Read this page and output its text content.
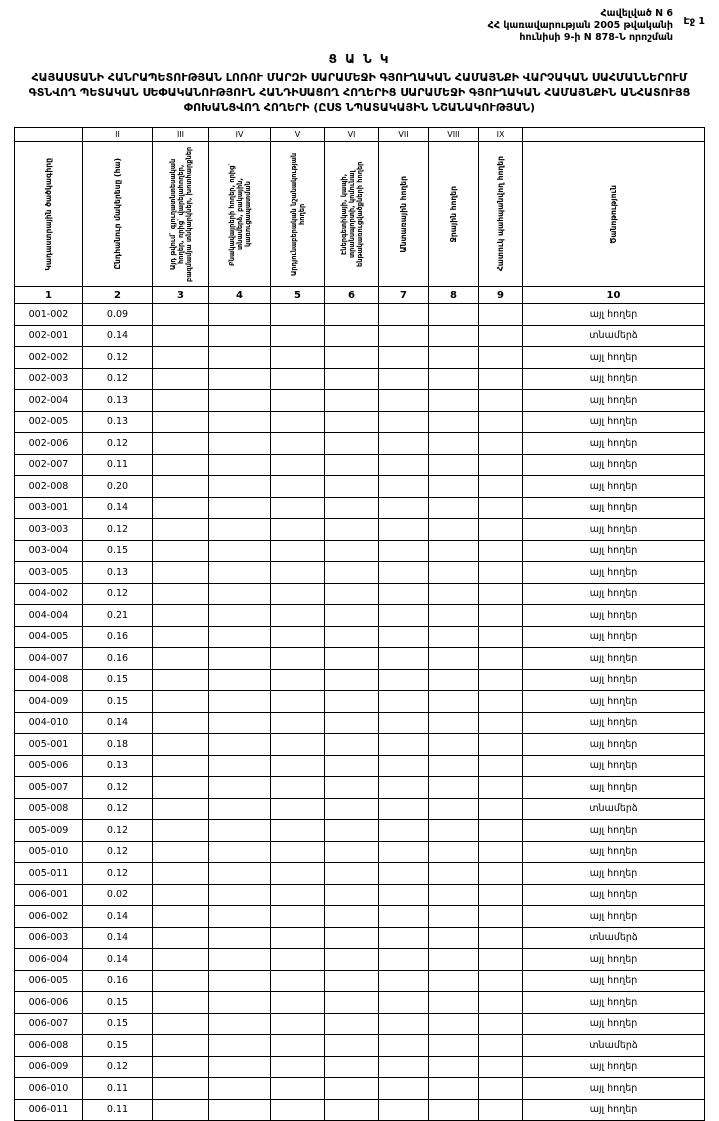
Էջ 1
Հավելված N 6
ՀՀ կառավարության 2005 թվականի
հունիսի 9-ի N 878-Ն որոշման
Ց Ա Ն Կ
ՀԱՅԱՍՏԱՆԻ ՀԱՆՐԱՊԵՏՈՒԹՅԱՆ ԼՈՌՈՒ ՄԱՐԶԻ ՍԱՐԱՄԵՋԻ ԳՅՈՒՂԱԿԱՆ ՀԱՄԱՅՆՔԻ ՎԱՐՉԱԿԱՆ ՍԱՀՄԱՆՆԵՐՈՒՄ ԳՏՆՎՈՂ ՊԵՏԱԿԱՆ ՍԵՓԱԿԱՆՈՒԹՅՈՒՆ ՀԱՆԴԻՍԱՑՈՂ ՀՈՂԵՐԻՑ ՍԱՐԱՄԵՋԻ ԳՅՈՒՂԱԿԱՆ ՀԱՄԱՅՆՔԻՆ ԱՆՀԱՏՈՒՅՑ ՓՈԽԱՆՑՎՈՂ ՀՈՂԵՐԻ (ԸՍՏ ՆՊԱՏԱԿԱՅԻՆ ՆՇԱՆԱԿՈՒԹՅԱՆ)
	II	III	IV	V	VI	VII	VIII	IX	

Կադաստրային ծածկագիրը	Ընդհանուր մակերեսը (հա)	Այդ թվում` գյուղատնտեսական հողեր, որից` վարելահողեր, բազմամյա տնկարկներ, խոտհարքներ	Բնակավայրերի հողեր, որից` տնամերձ, բակային, կառուցապատման	Արդյունաբերական նշանակության հողեր	Էներգետիկայի, կապի, տրանսպորտի, կոմունալ ենթակառուցվածքների հողեր	Անտառային հողեր	Ջրային հողեր	Հատուկ պահպանվող հողեր	Ծանոթություն

1	2	3	4	5	6	7	8	9	10
001-002	0.09								այլ հողեր
002-001	0.14								տնամերձ
002-002	0.12								այլ հողեր
002-003	0.12								այլ հողեր
002-004	0.13								այլ հողեր
002-005	0.13								այլ հողեր
002-006	0.12								այլ հողեր
002-007	0.11								այլ հողեր
002-008	0.20								այլ հողեր
003-001	0.14								այլ հողեր
003-003	0.12								այլ հողեր
003-004	0.15								այլ հողեր
003-005	0.13								այլ հողեր
004-002	0.12								այլ հողեր
004-004	0.21								այլ հողեր
004-005	0.16								այլ հողեր
004-007	0.16								այլ հողեր
004-008	0.15								այլ հողեր
004-009	0.15								այլ հողեր
004-010	0.14								այլ հողեր
005-001	0.18								այլ հողեր
005-006	0.13								այլ հողեր
005-007	0.12								այլ հողեր
005-008	0.12								տնամերձ
005-009	0.12								այլ հողեր
005-010	0.12								այլ հողեր
005-011	0.12								այլ հողեր
006-001	0.02								այլ հողեր
006-002	0.14								այլ հողեր
006-003	0.14								տնամերձ
006-004	0.14								այլ հողեր
006-005	0.16								այլ հողեր
006-006	0.15								այլ հողեր
006-007	0.15								այլ հողեր
006-008	0.15								տնամերձ
006-009	0.12								այլ հողեր
006-010	0.11								այլ հողեր
006-011	0.11								այլ հողեր
